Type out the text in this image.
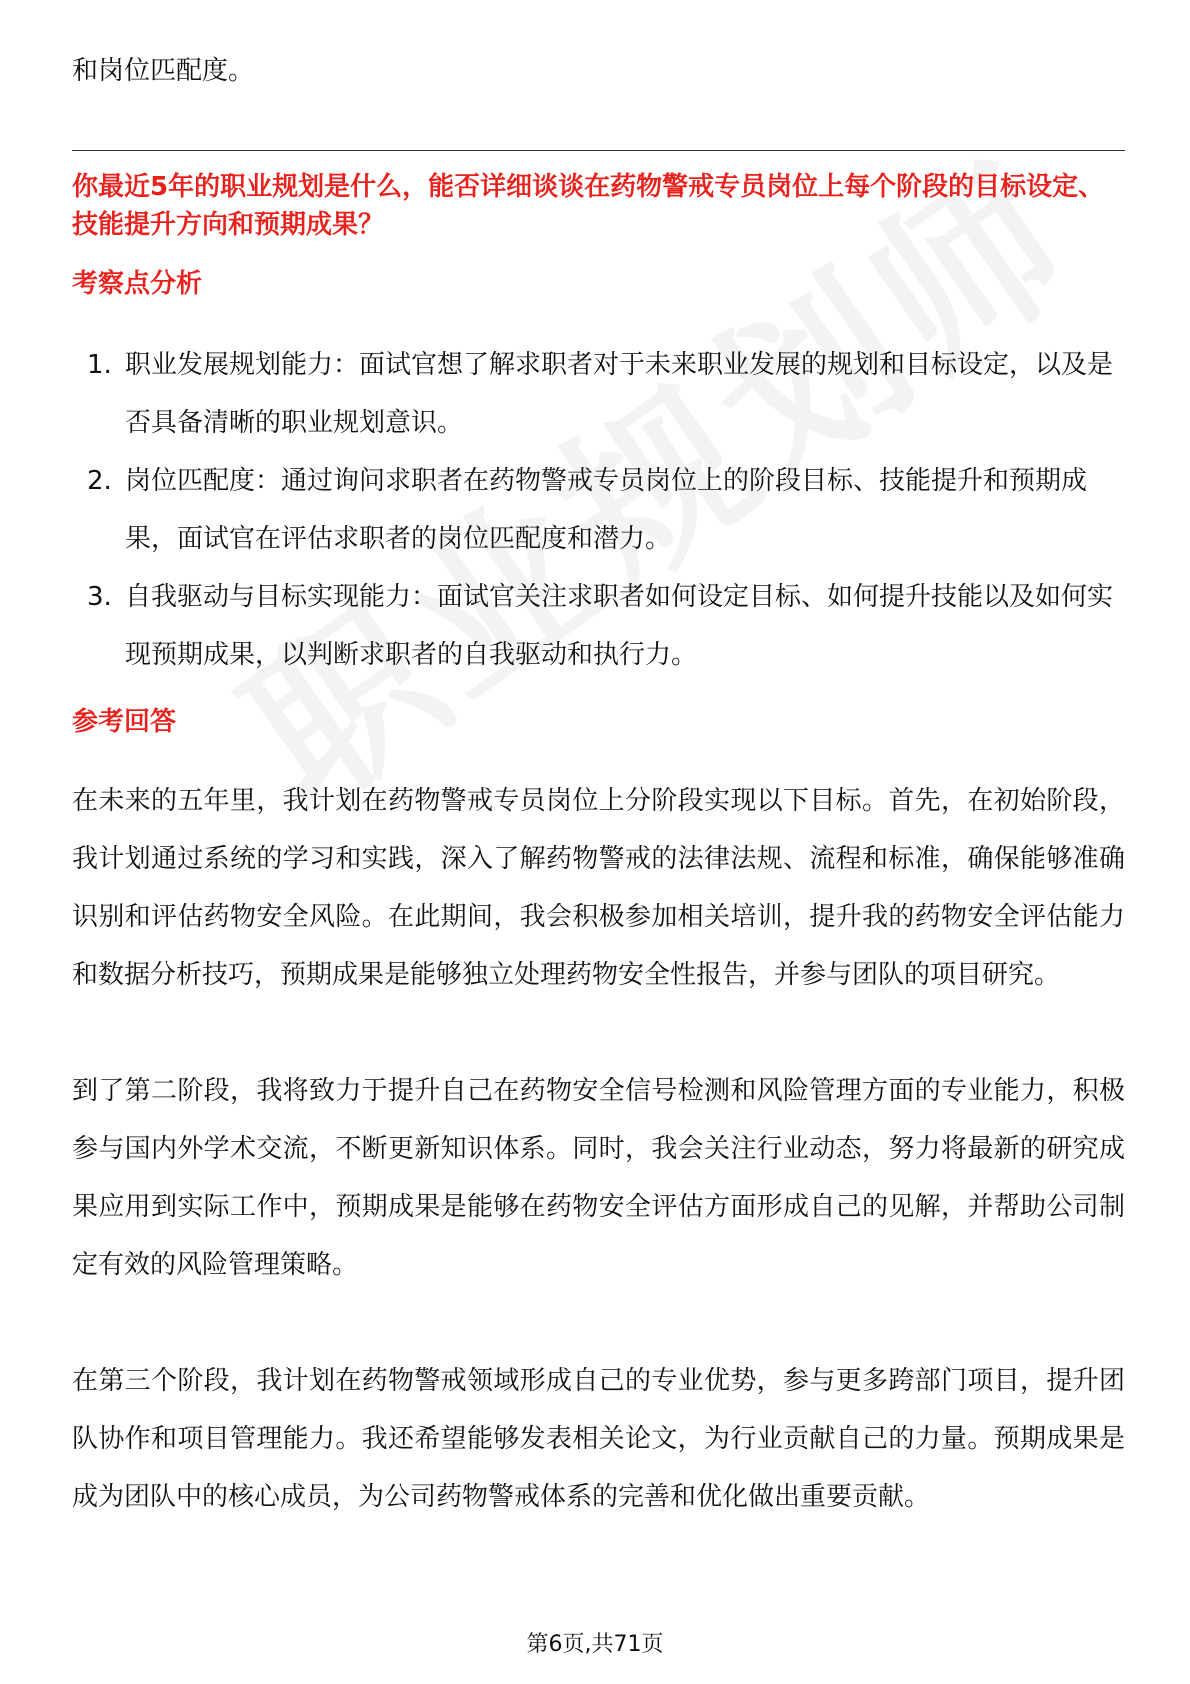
和岗位匹配度。

你最近5年的职业规划是什么，能否详细谈谈在药物警戒专员岗位上每个阶段的目标设定、技能提升方向和预期成果？

考察点分析
1. 职业发展规划能力：面试官想了解求职者对于未来职业发展的规划和目标设定，以及是否具备清晰的职业规划意识。
2. 岗位匹配度：通过询问求职者在药物警戒专员岗位上的阶段目标、技能提升和预期成果，面试官在评估求职者的岗位匹配度和潜力。
3. 自我驱动与目标实现能力：面试官关注求职者如何设定目标、如何提升技能以及如何实现预期成果，以判断求职者的自我驱动和执行力。
参考回答

在未来的五年里，我计划在药物警戒专员岗位上分阶段实现以下目标。首先，在初始阶段，我计划通过系统的学习和实践，深入了解药物警戒的法律法规、流程和标准，确保能够准确识别和评估药物安全风险。在此期间，我会积极参加相关培训，提升我的药物安全评估能力和数据分析技巧，预期成果是能够独立处理药物安全性报告，并参与团队的项目研究。

到了第二阶段，我将致力于提升自己在药物安全信号检测和风险管理方面的专业能力，积极参与国内外学术交流，不断更新知识体系。同时，我会关注行业动态，努力将最新的研究成果应用到实际工作中，预期成果是能够在药物安全评估方面形成自己的见解，并帮助公司制定有效的风险管理策略。

在第三个阶段，我计划在药物警戒领域形成自己的专业优势，参与更多跨部门项目，提升团队协作和项目管理能力。我还希望能够发表相关论文，为行业贡献自己的力量。预期成果是成为团队中的核心成员，为公司药物警戒体系的完善和优化做出重要贡献。

第6页,共71页
